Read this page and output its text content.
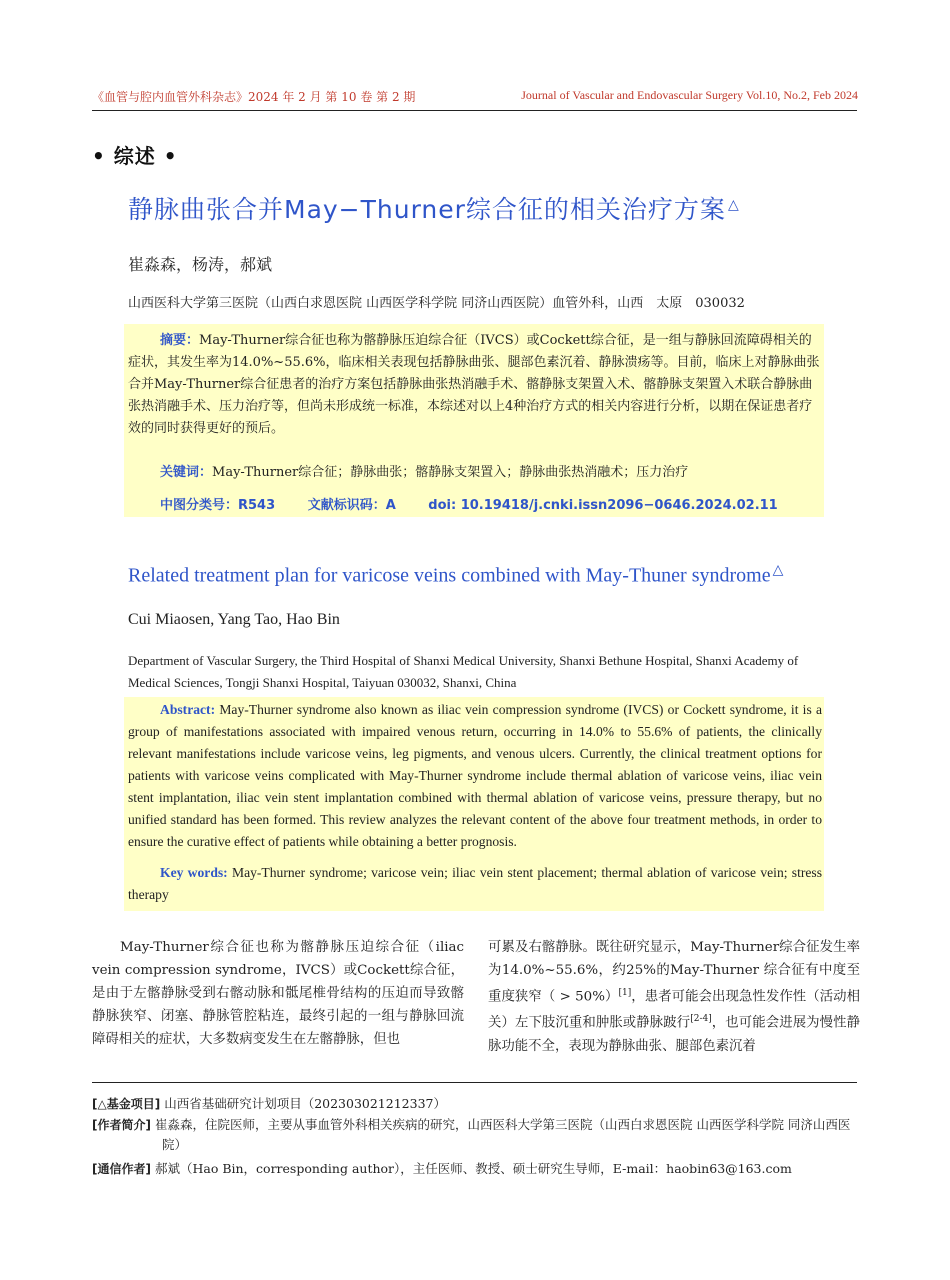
《血管与腔内血管外科杂志》2024 年 2 月 第 10 卷 第 2 期	Journal of Vascular and Endovascular Surgery Vol.10, No.2, Feb 2024
• 综述 •
静脉曲张合并May−Thurner综合征的相关治疗方案 △
崔淼森，杨涛，郝斌
山西医科大学第三医院（山西白求恩医院 山西医学科学院 同济山西医院）血管外科，山西　太原　030032

摘要：May-Thurner综合征也称为髂静脉压迫综合征（IVCS）或Cockett综合征，是一组与静脉回流障碍相关的症状，其发生率为14.0%~55.6%，临床相关表现包括静脉曲张、腿部色素沉着、静脉溃疡等。目前，临床上对静脉曲张合并May-Thurner综合征患者的治疗方案包括静脉曲张热消融手术、髂静脉支架置入术、髂静脉支架置入术联合静脉曲张热消融手术、压力治疗等，但尚未形成统一标准，本综述对以上4种治疗方式的相关内容进行分析，以期在保证患者疗效的同时获得更好的预后。

关键词：May-Thurner综合征；静脉曲张；髂静脉支架置入；静脉曲张热消融术；压力治疗
中图分类号：R543	文献标识码：A	doi: 10.19418/j.cnki.issn2096−0646.2024.02.11
Related treatment plan for varicose veins combined with May-Thuner syndrome △
Cui Miaosen, Yang Tao, Hao Bin
Department of Vascular Surgery, the Third Hospital of Shanxi Medical University, Shanxi Bethune Hospital, Shanxi Academy of Medical Sciences, Tongji Shanxi Hospital, Taiyuan 030032, Shanxi, China

Abstract: May-Thurner syndrome also known as iliac vein compression syndrome (IVCS) or Cockett syndrome, it is a group of manifestations associated with impaired venous return, occurring in 14.0% to 55.6% of patients, the clinically relevant manifestations include varicose veins, leg pigments, and venous ulcers. Currently, the clinical treatment options for patients with varicose veins complicated with May-Thurner syndrome include thermal ablation of varicose veins, iliac vein stent implantation, iliac vein stent implantation combined with thermal ablation of varicose veins, pressure therapy, but no unified standard has been formed. This review analyzes the relevant content of the above four treatment methods, in order to ensure the curative effect of patients while obtaining a better prognosis.

Key words: May-Thurner syndrome; varicose vein; iliac vein stent placement; thermal ablation of varicose vein; stress therapy

May-Thurner综合征也称为髂静脉压迫综合征（iliac vein compression syndrome，IVCS）或Cockett综合征，是由于左髂静脉受到右髂动脉和骶尾椎骨结构的压迫而导致髂静脉狭窄、闭塞、静脉管腔粘连，最终引起的一组与静脉回流障碍相关的症状，大多数病变发生在左髂静脉，但也

可累及右髂静脉。既往研究显示，May-Thurner综合征发生率为14.0%~55.6%，约25%的May-Thurner 综合征有中度至重度狭窄（ > 50%）[1]，患者可能会出现急性发作性（活动相关）左下肢沉重和肿胀或静脉跛行[2-4]，也可能会进展为慢性静脉功能不全，表现为静脉曲张、腿部色素沉着

[△基金项目] 山西省基础研究计划项目（202303021212337）

[作者简介] 崔淼森，住院医师，主要从事血管外科相关疾病的研究，山西医科大学第三医院（山西白求恩医院 山西医学科学院 同济山西医院）

[通信作者] 郝斌（Hao Bin，corresponding author），主任医师、教授、硕士研究生导师，E-mail：haobin63@163.com
